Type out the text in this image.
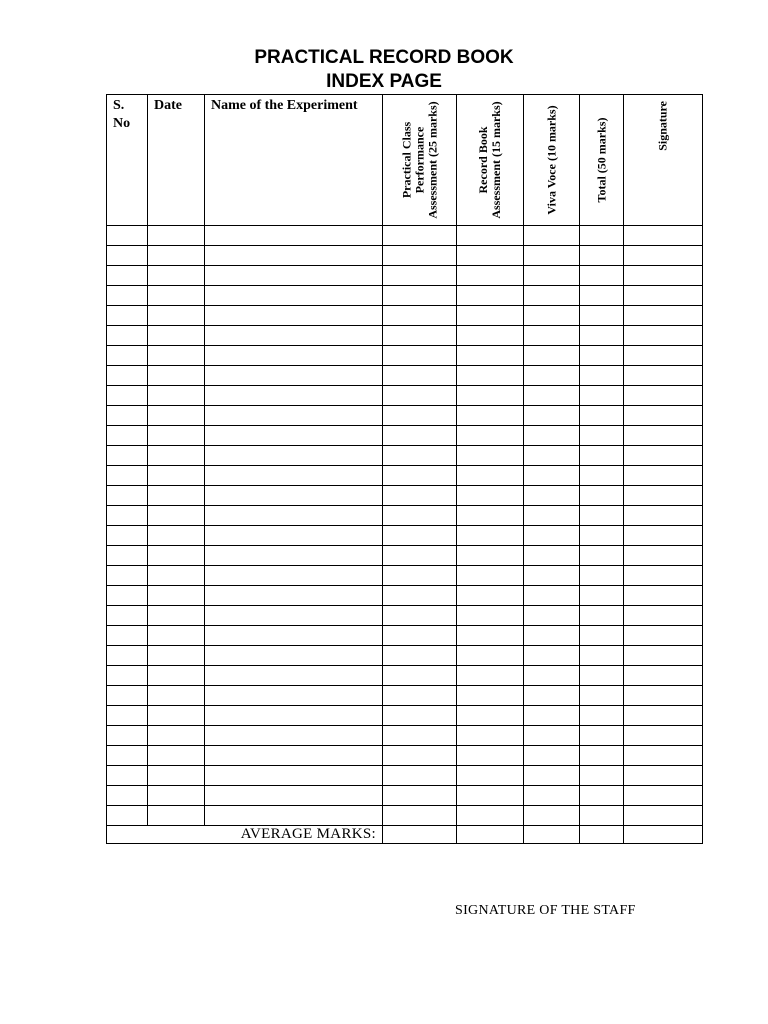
PRACTICAL RECORD BOOK
INDEX PAGE
S. No	Date	Name of the Experiment	Practical Class Performance Assessment (25 marks)	Record Book Assessment (15 marks)	Viva Voce (10 marks)	Total (50 marks)	Signature

AVERAGE MARKS:							
SIGNATURE OF THE STAFF
